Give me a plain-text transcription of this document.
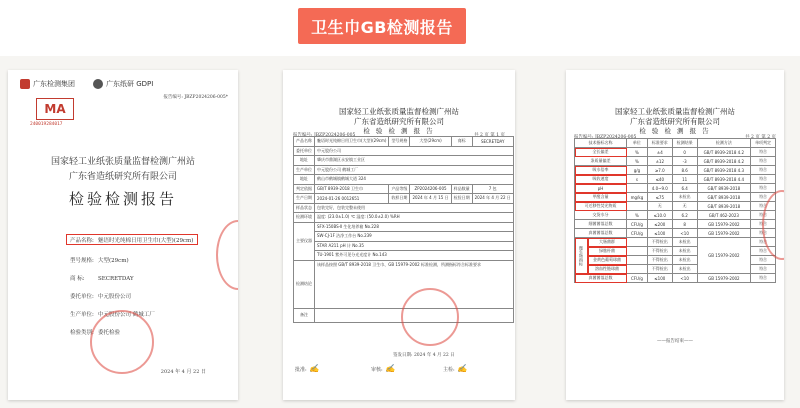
卫生巾GB检测报告
广东检测集团	广东纸研 GDPI
MA
240019284017
报告编号: JBZP2024206-005*
国家轻工业纸张质量监督检测广州站
广东省造纸研究所有限公司
检验检测报告
产品名称: 魅语时光纯棉日用卫生巾(大型)(29cm)
型号规格: 大型(29cm)
商 标: SECRETDAY
委托单位: 中元股份公司
生产单位: 中元股份公司 鹤城工厂
检验类别: 委托检验
2024 年 4 月 22 日
国家轻工业纸张质量监督检测广州站
广东省造纸研究所有限公司
检 验 检 测 报 告
报告编号: JBZP2024206-005	共 2 页 第 1 页
产品名称	魅语时光纯棉日用卫生巾(大型)(29cm)	型号规格	大型(29cm)	商标	SECRETDAY
委托单位	中元股份公司				
地址	肇庆市鼎湖区永安镇工业区				
生产单位	中元股份公司 鹤城工厂				
地址	鹤山市鹤城镇鹤城大道 324				
判定依据	GB/T 8939-2018 卫生巾	产品等级	ZP2024206-005	样品数量	7 包
生产日期	2024-01-26 0012651	收样日期	2024 年 4 月 15 日	检验日期	2024 年 4 月 22 日
样品状态	包装完好，包装完整未使用				
检测环境	温度: (23.0±1.0) ℃ 湿度: (50.0±2.0) %RH				
主要仪器	SFX-150BS-Ⅱ 生化培养箱 No.228				
	SW-CJ-1F 洁净工作台 No.239				
	STAR A211 pH 计 No.35				
	TU-1901 紫外可见分光光度计 No.143				
检测结论	该样品按照 GB/T 8939-2018 卫生巾、GB 15979-2002 标准检测，所测指标符合标准要求				
备注					
签发日期: 2024 年 4 月 22 日
批准: ✍	审核: ✍	主检: ✍
国家轻工业纸张质量监督检测广州站
广东省造纸研究所有限公司
检 验 检 测 报 告
报告编号: JBZP2024206-005	共 2 页 第 2 页
技术指标名称		单位	标准要求	检测结果	检测方法	单项判定
全长偏差		%	±4	0	GB/T 8939-2018 4.2	符合
条质量偏差		%	±12	-3	GB/T 8939-2018 4.2	符合
吸水倍率		g/g	≥7.0	8.6	GB/T 8939-2018 4.3	符合
吸收速度		s	≤40	11	GB/T 8939-2018 4.4	符合
pH			4.0~9.0	6.4	GB/T 8939-2018	符合
甲醛含量		mg/kg	≤75	未检出	GB/T 8939-2018	符合
可迁移性荧光物质			无	无	GB/T 8939-2018	符合
交货水分		%	≤10.0	6.2	GB/T 462-2023	符合
细菌菌落总数		CFU/g	≤200	8	GB 15979-2002	符合
真菌菌落总数		CFU/g	≤100	<10	GB 15979-2002	符合
微生物指标	大肠菌群		不得检出	未检出	GB 15979-2002	符合
	绿脓杆菌		不得检出	未检出		符合
	金黄色葡萄球菌		不得检出	未检出		符合
	溶血性链球菌		不得检出	未检出		符合
真菌菌落总数		CFU/g	≤100	<10	GB 15979-2002	符合
——报告结束——
